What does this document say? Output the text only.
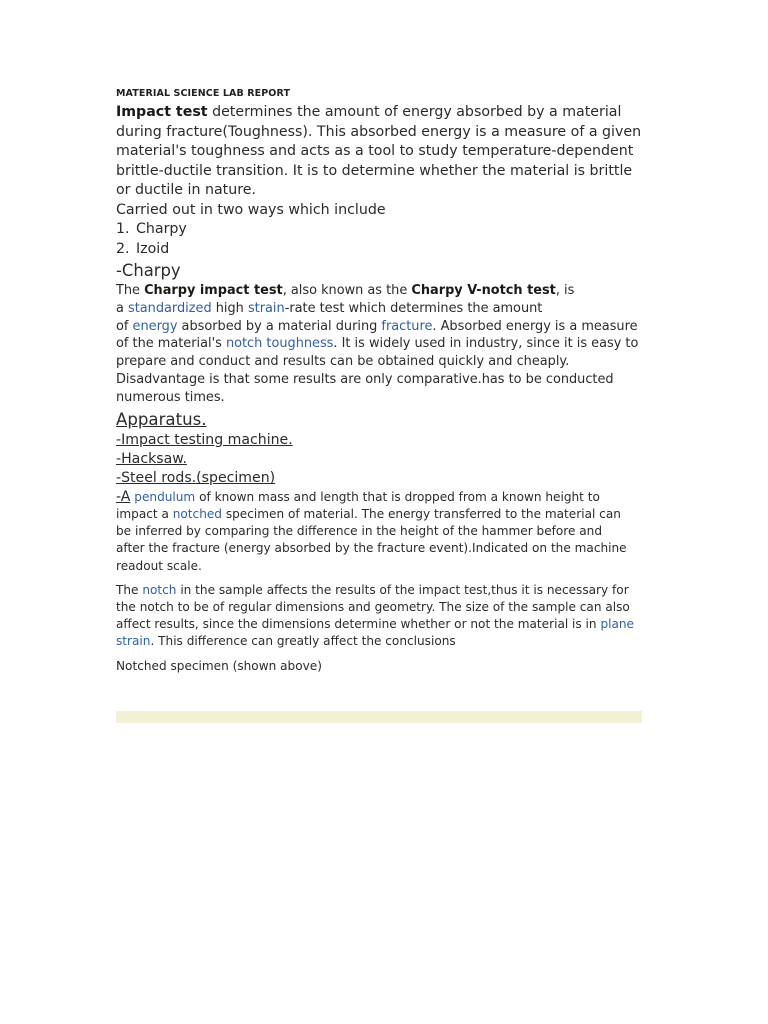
MATERIAL SCIENCE LAB REPORT
Impact test determines the amount of energy absorbed by a material
during fracture(Toughness). This absorbed energy is a measure of a given
material's toughness and acts as a tool to study temperature-dependent
brittle-ductile transition. It is to determine whether the material is brittle
or ductile in nature.
Carried out in two ways which include
1. Charpy
2. Izoid
-Charpy
The Charpy impact test, also known as the Charpy V-notch test, is
a standardized high strain-rate test which determines the amount
of energy absorbed by a material during fracture. Absorbed energy is a measure
of the material's notch toughness. It is widely used in industry, since it is easy to
prepare and conduct and results can be obtained quickly and cheaply.
Disadvantage is that some results are only comparative.has to be conducted
numerous times.
Apparatus.
-Impact testing machine.
-Hacksaw.
-Steel rods.(specimen)
-A pendulum of known mass and length that is dropped from a known height to
impact a notched specimen of material. The energy transferred to the material can
be inferred by comparing the difference in the height of the hammer before and
after the fracture (energy absorbed by the fracture event).Indicated on the machine
readout scale.
The notch in the sample affects the results of the impact test,thus it is necessary for
the notch to be of regular dimensions and geometry. The size of the sample can also
affect results, since the dimensions determine whether or not the material is in plane
strain. This difference can greatly affect the conclusions
Notched specimen (shown above)
